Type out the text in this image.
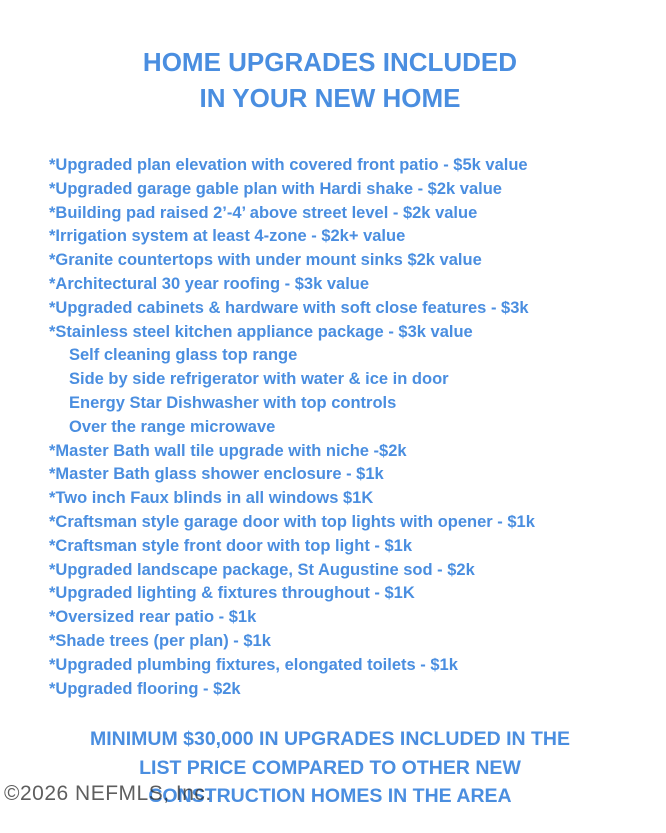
HOME UPGRADES INCLUDED
IN YOUR NEW HOME
*Upgraded plan elevation with covered front patio - $5k value
*Upgraded garage gable plan with Hardi shake - $2k value
*Building pad raised 2’-4’ above street level - $2k value
*Irrigation system at least 4-zone - $2k+ value
*Granite countertops with under mount sinks $2k value
*Architectural 30 year roofing - $3k value
*Upgraded cabinets & hardware with soft close features - $3k
*Stainless steel kitchen appliance package - $3k value
Self cleaning glass top range
Side by side refrigerator with water & ice in door
Energy Star Dishwasher with top controls
Over the range microwave
*Master Bath wall tile upgrade with niche -$2k
*Master Bath glass shower enclosure - $1k
*Two inch Faux blinds in all windows $1K
*Craftsman style garage door with top lights with opener - $1k
*Craftsman style front door with top light - $1k
*Upgraded landscape package, St Augustine sod - $2k
*Upgraded lighting & fixtures throughout - $1K
*Oversized rear patio - $1k
*Shade trees (per plan) - $1k
*Upgraded plumbing fixtures, elongated toilets - $1k
*Upgraded flooring - $2k
MINIMUM $30,000 IN UPGRADES INCLUDED IN THE
LIST PRICE COMPARED TO OTHER NEW
CONSTRUCTION HOMES IN THE AREA
©2026 NEFMLS, Inc.
